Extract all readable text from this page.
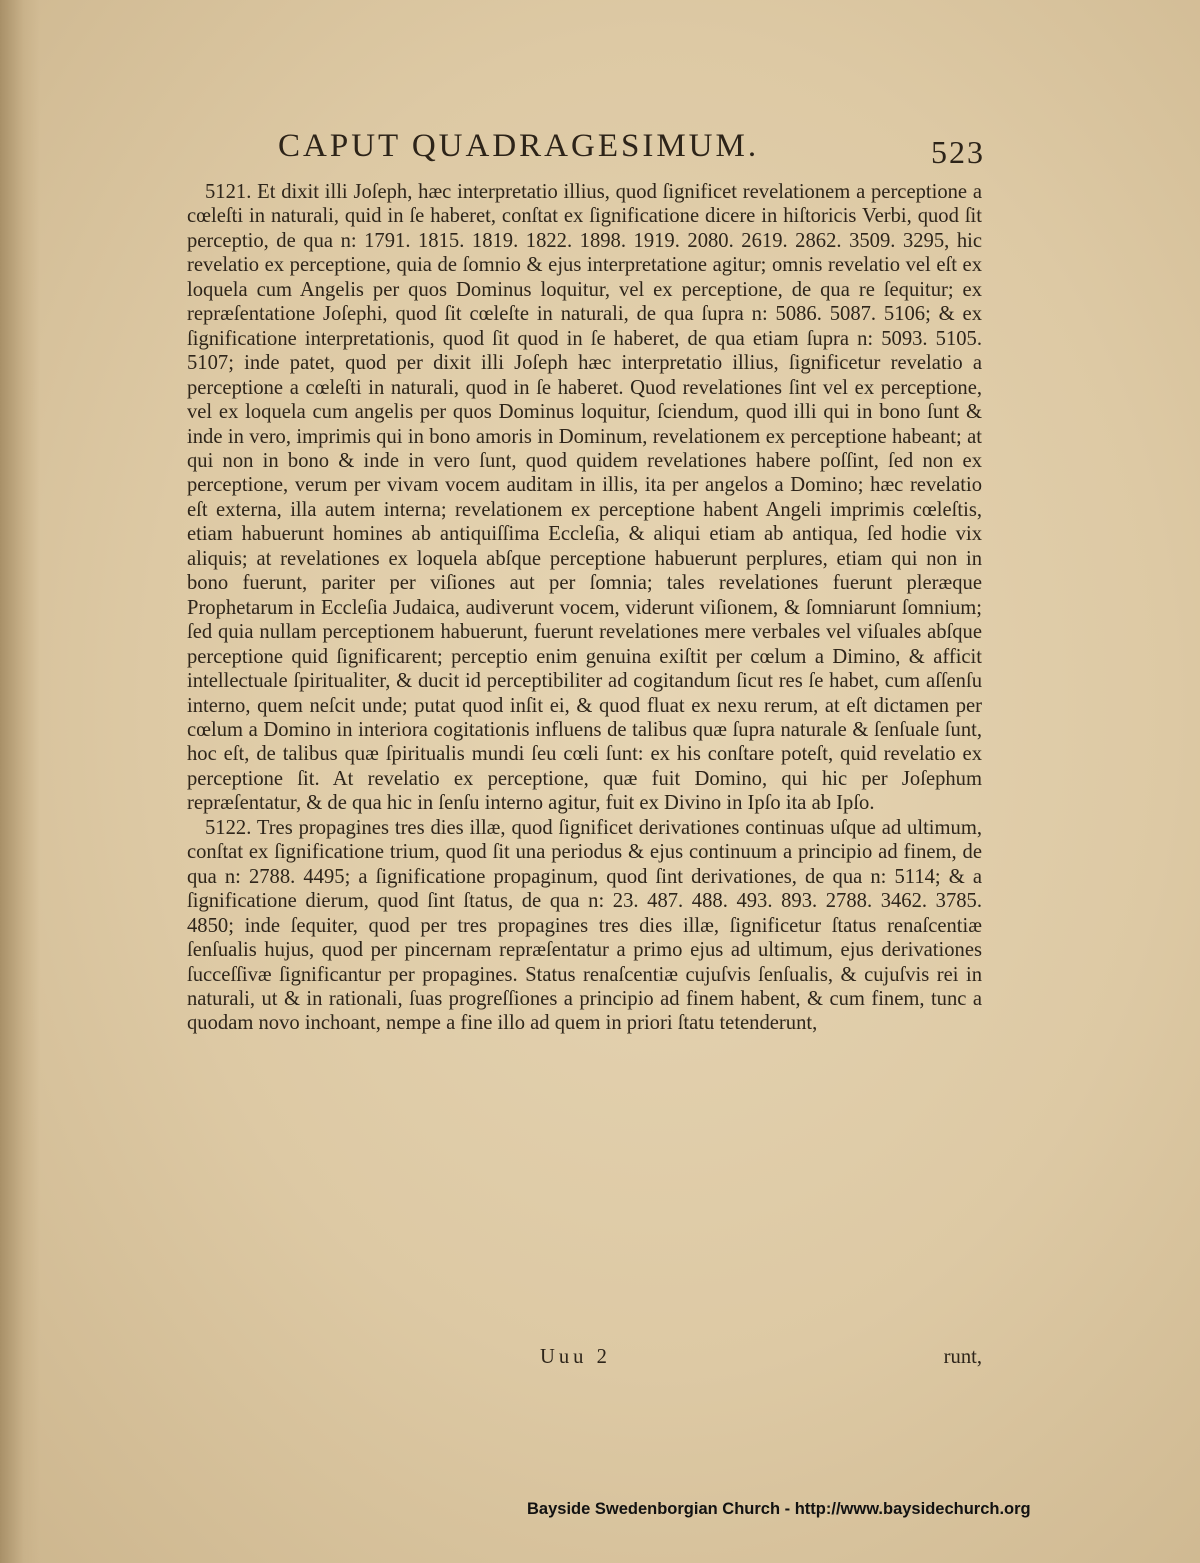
CAPUT QUADRAGESIMUM.	523

5121. Et dixit illi Joſeph, hæc interpretatio illius, quod ſignificet revelationem a perceptione a cœleſti in naturali, quid in ſe haberet, conſtat ex ſignificatione dicere in hiſtoricis Verbi, quod ſit perceptio, de qua n: 1791. 1815. 1819. 1822. 1898. 1919. 2080. 2619. 2862. 3509. 3295, hic revelatio ex perceptione, quia de ſomnio & ejus interpretatione agitur; omnis revelatio vel eſt ex loquela cum Angelis per quos Dominus loquitur, vel ex perceptione, de qua re ſequitur; ex repræſentatione Joſephi, quod ſit cœleſte in naturali, de qua ſupra n: 5086. 5087. 5106; & ex ſignificatione interpretationis, quod ſit quod in ſe haberet, de qua etiam ſupra n: 5093. 5105. 5107; inde patet, quod per dixit illi Joſeph hæc interpretatio illius, ſignificetur revelatio a perceptione a cœleſti in naturali, quod in ſe haberet. Quod revelationes ſint vel ex perceptione, vel ex loquela cum angelis per quos Dominus loquitur, ſciendum, quod illi qui in bono ſunt & inde in vero, imprimis qui in bono amoris in Dominum, revelationem ex perceptione habeant; at qui non in bono & inde in vero ſunt, quod quidem revelationes habere poſſint, ſed non ex perceptione, verum per vivam vocem auditam in illis, ita per angelos a Domino; hæc revelatio eſt externa, illa autem interna; revelationem ex perceptione habent Angeli imprimis cœleſtis, etiam habuerunt homines ab antiquiſſima Eccleſia, & aliqui etiam ab antiqua, ſed hodie vix aliquis; at revelationes ex loquela abſque perceptione habuerunt perplures, etiam qui non in bono fuerunt, pariter per viſiones aut per ſomnia; tales revelationes fuerunt pleræque Prophetarum in Eccleſia Judaica, audiverunt vocem, viderunt viſionem, & ſomniarunt ſomnium; ſed quia nullam perceptionem habuerunt, fuerunt revelationes mere verbales vel viſuales abſque perceptione quid ſignificarent; perceptio enim genuina exiſtit per cœlum a Dimino, & afficit intellectuale ſpiritualiter, & ducit id perceptibiliter ad cogitandum ſicut res ſe habet, cum aſſenſu interno, quem neſcit unde; putat quod inſit ei, & quod fluat ex nexu rerum, at eſt dictamen per cœlum a Domino in interiora cogitationis influens de talibus quæ ſupra naturale & ſenſuale ſunt, hoc eſt, de talibus quæ ſpiritualis mundi ſeu cœli ſunt: ex his conſtare poteſt, quid revelatio ex perceptione ſit. At revelatio ex perceptione, quæ fuit Domino, qui hic per Joſephum repræſentatur, & de qua hic in ſenſu interno agitur, fuit ex Divino in Ipſo ita ab Ipſo.

5122. Tres propagines tres dies illæ, quod ſignificet derivationes continuas uſque ad ultimum, conſtat ex ſignificatione trium, quod ſit una periodus & ejus continuum a principio ad finem, de qua n: 2788. 4495; a ſignificatione propaginum, quod ſint derivationes, de qua n: 5114; & a ſignificatione dierum, quod ſint ſtatus, de qua n: 23. 487. 488. 493. 893. 2788. 3462. 3785. 4850; inde ſequiter, quod per tres propagines tres dies illæ, ſignificetur ſtatus renaſcentiæ ſenſualis hujus, quod per pincernam repræſentatur a primo ejus ad ultimum, ejus derivationes ſucceſſivæ ſignificantur per propagines. Status renaſcentiæ cujuſvis ſenſualis, & cujuſvis rei in naturali, ut & in rationali, ſuas progreſſiones a principio ad finem habent, & cum finem, tunc a quodam novo inchoant, nempe a fine illo ad quem in priori ſtatu tetenderunt,

Uuu 2	runt,
Bayside Swedenborgian Church - http://www.baysidechurch.org
